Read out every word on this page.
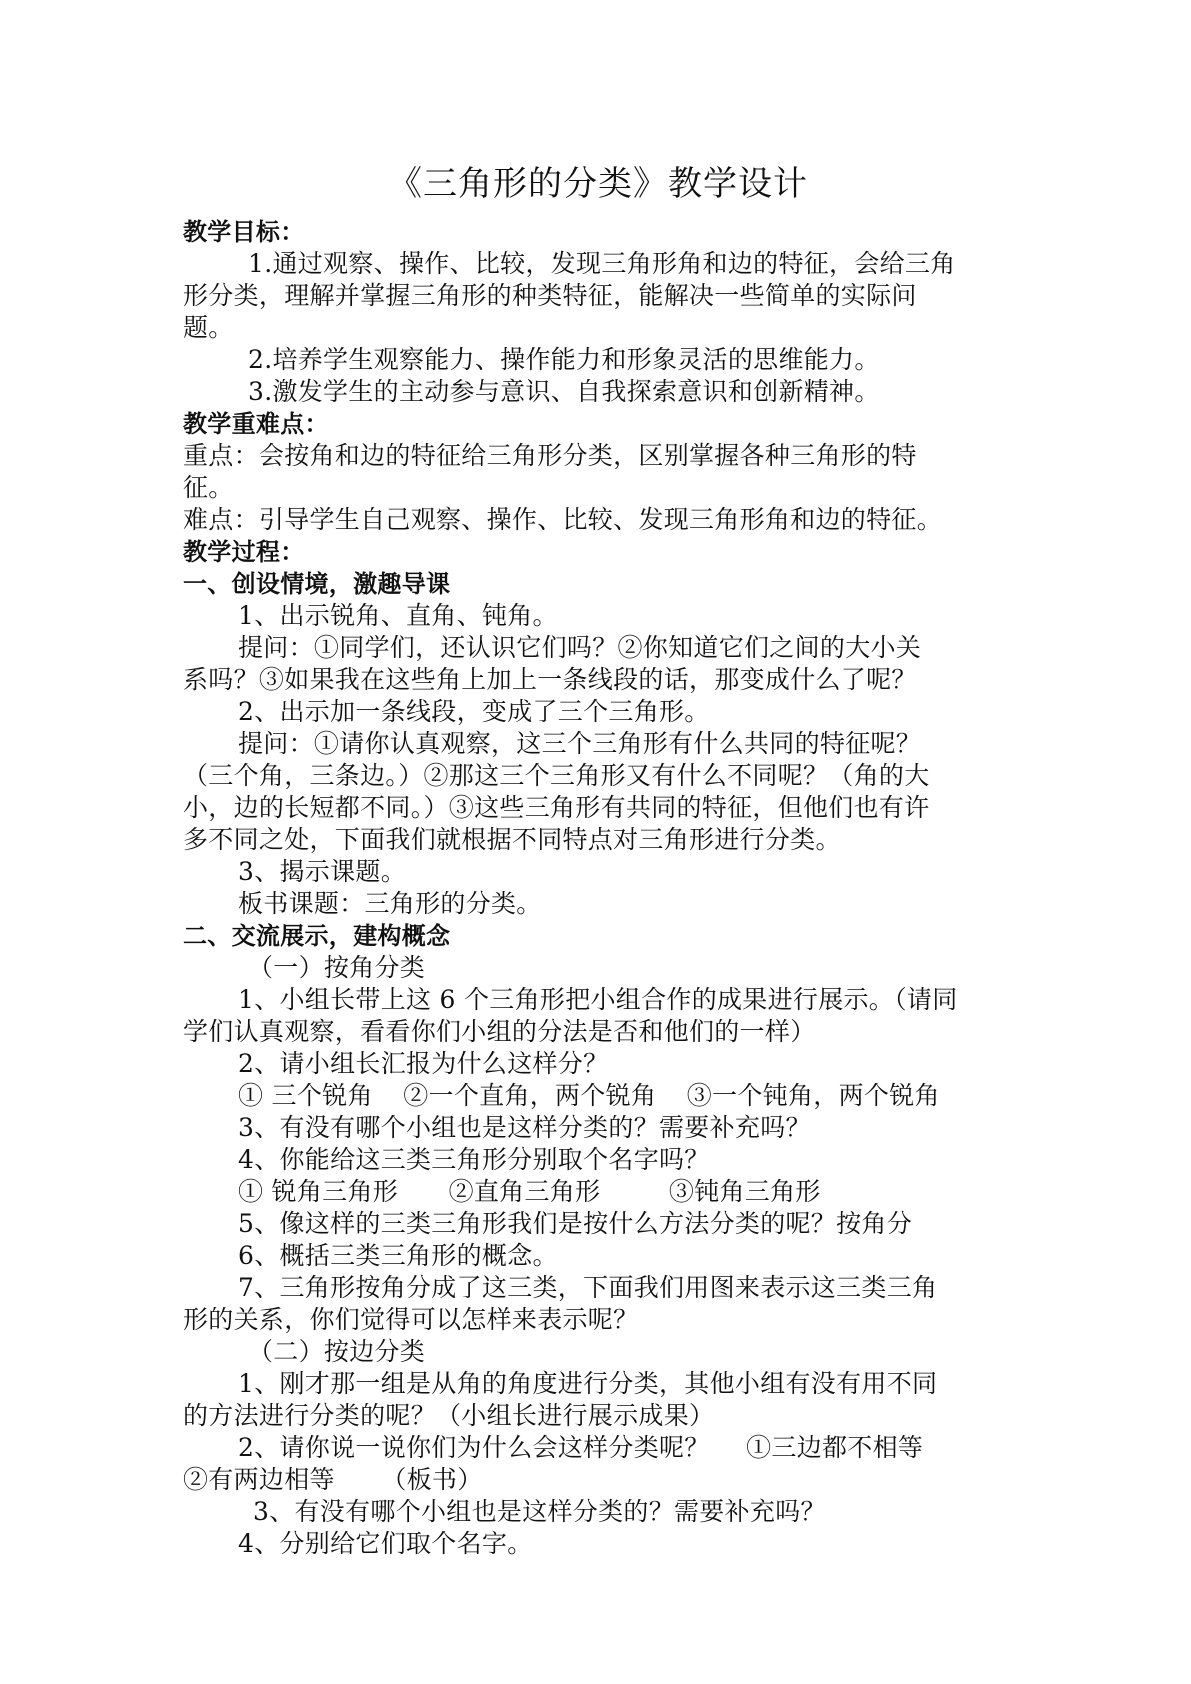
《三角形的分类》教学设计

教学目标：

1.通过观察、操作、比较，发现三角形角和边的特征，会给三角

形分类，理解并掌握三角形的种类特征，能解决一些简单的实际问

题。

2.培养学生观察能力、操作能力和形象灵活的思维能力。

3.激发学生的主动参与意识、自我探索意识和创新精神。

教学重难点：

重点：会按角和边的特征给三角形分类，区别掌握各种三角形的特

征。

难点：引导学生自己观察、操作、比较、发现三角形角和边的特征。

教学过程：

一、创设情境，激趣导课

1、出示锐角、直角、钝角。

提问：①同学们，还认识它们吗？②你知道它们之间的大小关

系吗？③如果我在这些角上加上一条线段的话，那变成什么了呢？

2、出示加一条线段，变成了三个三角形。

提问：①请你认真观察，这三个三角形有什么共同的特征呢？

（三个角，三条边。）②那这三个三角形又有什么不同呢？（角的大

小，边的长短都不同。）③这些三角形有共同的特征，但他们也有许

多不同之处，下面我们就根据不同特点对三角形进行分类。

3、揭示课题。

板书课题：三角形的分类。

二、交流展示，建构概念

（一）按角分类

1、小组长带上这 6 个三角形把小组合作的成果进行展示。（请同

学们认真观察，看看你们小组的分法是否和他们的一样）

2、请小组长汇报为什么这样分？

① 三个锐角 ②一个直角，两个锐角 ③一个钝角，两个锐角

3、有没有哪个小组也是这样分类的？需要补充吗？

4、你能给这三类三角形分别取个名字吗？

① 锐角三角形 ②直角三角形	③钝角三角形

5、像这样的三类三角形我们是按什么方法分类的呢？按角分

6、概括三类三角形的概念。

7、三角形按角分成了这三类，下面我们用图来表示这三类三角

形的关系，你们觉得可以怎样来表示呢？

（二）按边分类

1、刚才那一组是从角的角度进行分类，其他小组有没有用不同

的方法进行分类的呢？（小组长进行展示成果）

2、请你说一说你们为什么会这样分类呢？ ①三边都不相等

②有两边相等 （板书）

3、有没有哪个小组也是这样分类的？需要补充吗？

4、分别给它们取个名字。
